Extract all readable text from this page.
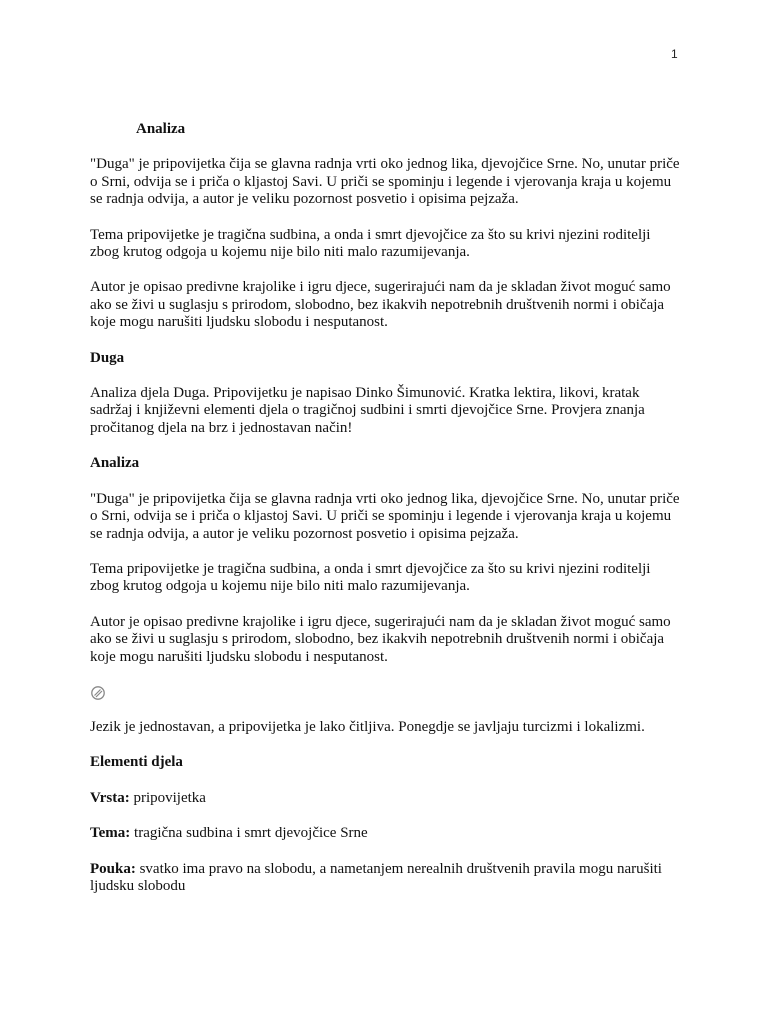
1
Analiza
"Duga" je pripovijetka čija se glavna radnja vrti oko jednog lika, djevojčice Srne. No, unutar priče o Srni, odvija se i priča o kljastoj Savi. U priči se spominju i legende i vjerovanja kraja u kojemu se radnja odvija, a autor je veliku pozornost posvetio i opisima pejzaža.
Tema pripovijetke je tragična sudbina, a onda i smrt djevojčice za što su krivi njezini roditelji zbog krutog odgoja u kojemu nije bilo niti malo razumijevanja.
Autor je opisao predivne krajolike i igru djece, sugerirajući nam da je skladan život moguć samo ako se živi u suglasju s prirodom, slobodno, bez ikakvih nepotrebnih društvenih normi i običaja koje mogu narušiti ljudsku slobodu i nesputanost.
Duga
Analiza djela Duga. Pripovijetku je napisao Dinko Šimunović. Kratka lektira, likovi, kratak sadržaj i književni elementi djela o tragičnoj sudbini i smrti djevojčice Srne. Provjera znanja pročitanog djela na brz i jednostavan način!
Analiza
"Duga" je pripovijetka čija se glavna radnja vrti oko jednog lika, djevojčice Srne. No, unutar priče o Srni, odvija se i priča o kljastoj Savi. U priči se spominju i legende i vjerovanja kraja u kojemu se radnja odvija, a autor je veliku pozornost posvetio i opisima pejzaža.
Tema pripovijetke je tragična sudbina, a onda i smrt djevojčice za što su krivi njezini roditelji zbog krutog odgoja u kojemu nije bilo niti malo razumijevanja.
Autor je opisao predivne krajolike i igru djece, sugerirajući nam da je skladan život moguć samo ako se živi u suglasju s prirodom, slobodno, bez ikakvih nepotrebnih društvenih normi i običaja koje mogu narušiti ljudsku slobodu i nesputanost.
Jezik je jednostavan, a pripovijetka je lako čitljiva. Ponegdje se javljaju turcizmi i lokalizmi.
Elementi djela
Vrsta: pripovijetka
Tema: tragična sudbina i smrt djevojčice Srne
Pouka: svatko ima pravo na slobodu, a nametanjem nerealnih društvenih pravila mogu narušiti ljudsku slobodu
